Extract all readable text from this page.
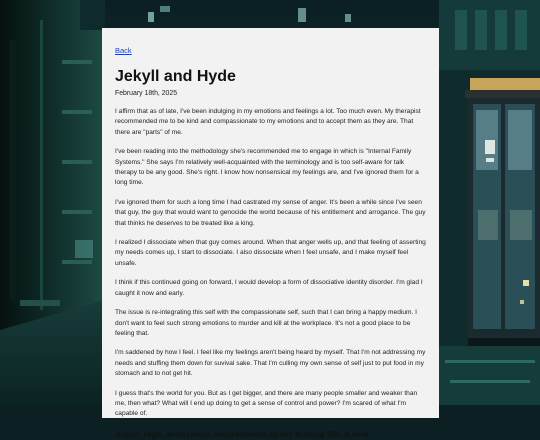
Back
Jekyll and Hyde

February 18th, 2025

I affirm that as of late, I've been indulging in my emotions and feelings a lot. Too much even. My therapist recommended me to be kind and compassionate to my emotions and to accept them as they are. That there are "parts" of me.

I've been reading into the methodology she's recommended me to engage in which is "Internal Family Systems." She says I'm relatively well-acquainted with the terminology and is too self-aware for talk therapy to be any good. She's right. I know how nonsensical my feelings are, and I've ignored them for a long time.

I've ignored them for such a long time I had castrated my sense of anger. It's been a while since I've seen that guy, the guy that would want to genocide the world because of his entitlement and arrogance. The guy that thinks he deserves to be treated like a king.

I realized I dissociate when that guy comes around. When that anger wells up, and that feeling of asserting my needs comes up, I start to dissociate. I also dissociate when I feel unsafe, and I make myself feel unsafe.

I think if this continued going on forward, I would develop a form of dissociative identity disorder. I'm glad I caught it now and early.

The issue is re-integrating this self with the compassionate self, such that I can bring a happy medium. I don't want to feel such strong emotions to murder and kill at the workplace. It's not a good place to be feeling that.

I'm saddened by how I feel. I feel like my feelings aren't being heard by myself. That I'm not addressing my needs and stuffing them down for suvival sake. That I'm culling my own sense of self just to put food in my stomach and to not get hit.

I guess that's the world for you. But as I get bigger, and there are many people smaller and weaker than me, then what? What will I end up doing to get a sense of control and power? I'm scared of what I'm capable of.

Anger, rage, annoyance, mistreatment all my fucking life. A vent.
